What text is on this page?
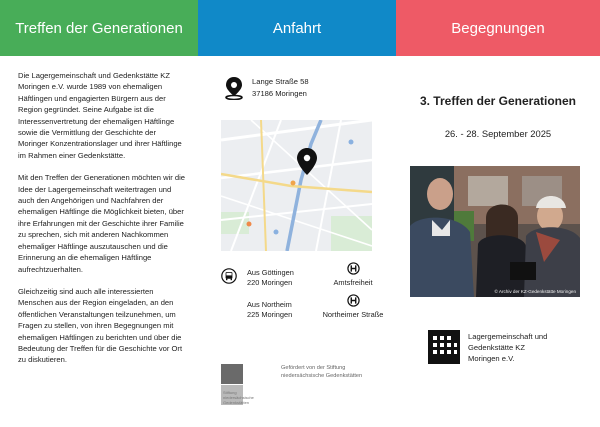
Treffen der Generationen	Anfahrt	Begegnungen

Die Lagergemeinschaft und Gedenkstätte KZ Moringen e.V. wurde 1989 von ehemaligen Häftlingen und engagierten Bürgern aus der Region gegründet. Seine Aufgabe ist die Interessenvertretung der ehemaligen Häftlinge sowie die Vermittlung der Geschichte der Moringer Konzentrationslager und ihrer Häftlinge im Rahmen einer Gedenkstätte.

Mit den Treffen der Generationen möchten wir die Idee der Lagergemeinschaft weitertragen und auch den Angehörigen und Nachfahren der ehemaligen Häftlinge die Möglichkeit bieten, über ihre Erfahrungen mit der Geschichte ihrer Familie zu sprechen, sich mit anderen Nachkommen ehemaliger Häftlinge auszutauschen und die Erinnerung an die ehemaligen Häftlinge aufrechtzuerhalten.

Gleichzeitig sind auch alle interessierten Menschen aus der Region eingeladen, an den öffentlichen Veranstaltungen teilzunehmen, um Fragen zu stellen, von ihren Begegnungen mit ehemaligen Häftlingen zu berichten und über die Bedeutung der Treffen für die Geschichte vor Ort zu diskutieren.

Lange Straße 58
37186 Moringen
Aus Göttingen
220 Moringen
Aus Northeim
225 Moringen
Amtsfreiheit
Northeimer Straße
Stiftung
niedersächsische
Gedenkstätten
Gefördert von der Stiftung
niedersächsische Gedenkstätten
3. Treffen der Generationen
26. - 28. September 2025
© Archiv der KZ-Gedenkstätte Moringen
Lagergemeinschaft und
Gedenkstätte KZ
Moringen e.V.
